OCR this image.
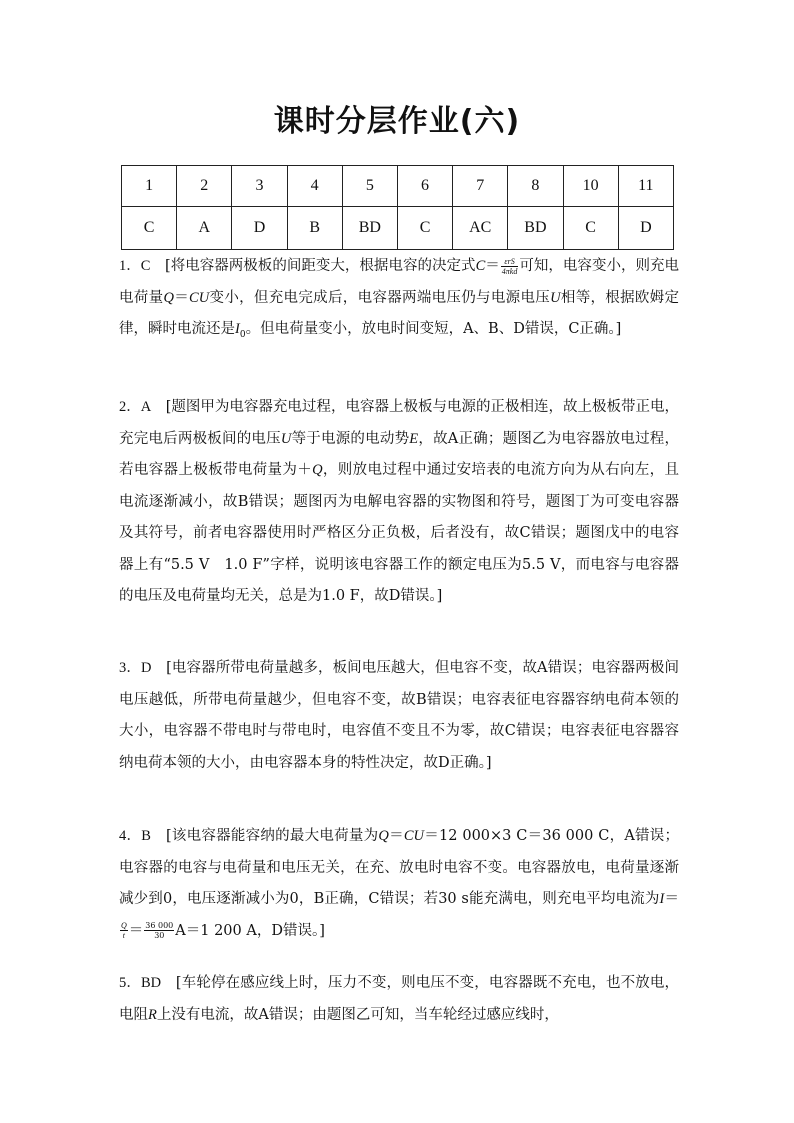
课时分层作业(六)
1	2	3	4	5	6	7	8	10	11
C	A	D	B	BD	C	AC	BD	C	D

1．C　 [将电容器两极板的间距变大，根据电容的决定式$C= \frac{\text{εrS}}{\text{4πkd}}$ 可知，电容变小，则充电电荷量Q＝CU变小，但充电完成后，电容器两端电压仍与电源电压U相等，根据欧姆定律，瞬时电流还是$I_0$。但电荷量变小，放电时间变短，A、B、D错误，C正确。]

2．A　 [题图甲为电容器充电过程，电容器上极板与电源的正极相连，故上极板带正电，充完电后两极板间的电压U等于电源的电动势E，故A正确；题图乙为电容器放电过程，若电容器上极板带电荷量为＋Q，则放电过程中通过安培表的电流方向为从右向左，且电流逐渐减小，故B错误；题图丙为电解电容器的实物图和符号，题图丁为可变电容器及其符号，前者电容器使用时严格区分正负极，后者没有，故C错误；题图戊中的电容器上有“5.5 V　1.0 F”字样，说明该电容器工作的额定电压为5.5 V，而电容与电容器的电压及电荷量均无关，总是为1.0 F，故D错误。]

3．D　 [电容器所带电荷量越多，板间电压越大，但电容不变，故A错误；电容器两极间电压越低，所带电荷量越少，但电容不变，故B错误；电容表征电容器容纳电荷本领的大小，电容器不带电时与带电时，电容值不变且不为零，故C错误；电容表征电容器容纳电荷本领的大小，由电容器本身的特性决定，故D正确。]

4．B　 [该电容器能容纳的最大电荷量为Q＝CU＝12 000×3 C＝36 000 C，A错误；电容器的电容与电荷量和电压无关，在充、放电时电容不变。电容器放电，电荷量逐渐减少到0，电压逐渐减小为0，B正确，C错误；若30 s能充满电，则充电平均电流为I＝
$\frac{Q}{t} = \frac{36 000}{30} A=1$ 200 A，D错误。]

5．BD　 [车轮停在感应线上时，压力不变，则电压不变，电容器既不充电，也不放电，电阻R上没有电流，故A错误；由题图乙可知，当车轮经过感应线时，
